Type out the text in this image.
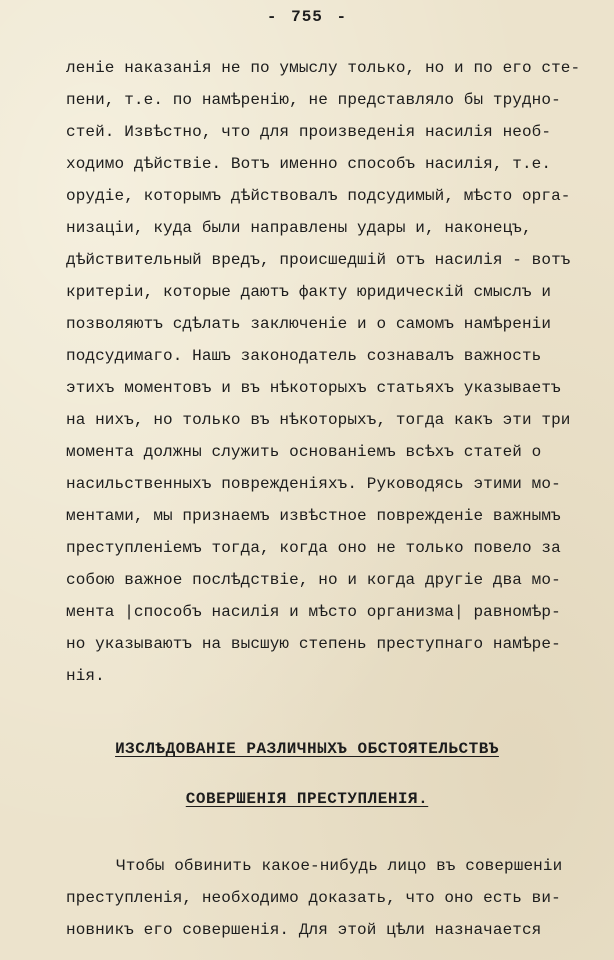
- 755 -
леніе наказанія не по умыслу только, но и по его сте-
пени, т.е. по намѣренію, не представляло бы трудно-
стей. Извѣстно, что для произведенія насилія необ-
ходимо дѣйствіе. Вотъ именно способъ насилія, т.е.
орудіе, которымъ дѣйствовалъ подсудимый, мѣсто орга-
низаціи, куда были направлены удары и, наконецъ,
дѣйствительный вредъ, происшедшій отъ насилія - вотъ
критеріи, которые даютъ факту юридическій смыслъ и
позволяютъ сдѣлать заключеніе и о самомъ намѣреніи
подсудимаго. Нашъ законодатель сознавалъ важность
этихъ моментовъ и въ нѣкоторыхъ статьяхъ указываетъ
на нихъ, но только въ нѣкоторыхъ, тогда какъ эти три
момента должны служить основаніемъ всѣхъ статей о
насильственныхъ поврежденіяхъ. Руководясь этими мо-
ментами, мы признаемъ извѣстное поврежденіе важнымъ
преступленіемъ тогда, когда оно не только повело за
собою важное послѣдствіе, но и когда другіе два мо-
мента |способъ насилія и мѣсто организма| равномѣр-
но указываютъ на высшую степень преступнаго намѣре-
нія.
ИЗСЛѢДОВАНІЕ РАЗЛИЧНЫХЪ ОБСТОЯТЕЛЬСТВЪ
СОВЕРШЕНІЯ ПРЕСТУПЛЕНІЯ.
Чтобы обвинить какое-нибудь лицо въ совершеніи
преступленія, необходимо доказать, что оно есть ви-
новникъ его совершенія. Для этой цѣли назначается
